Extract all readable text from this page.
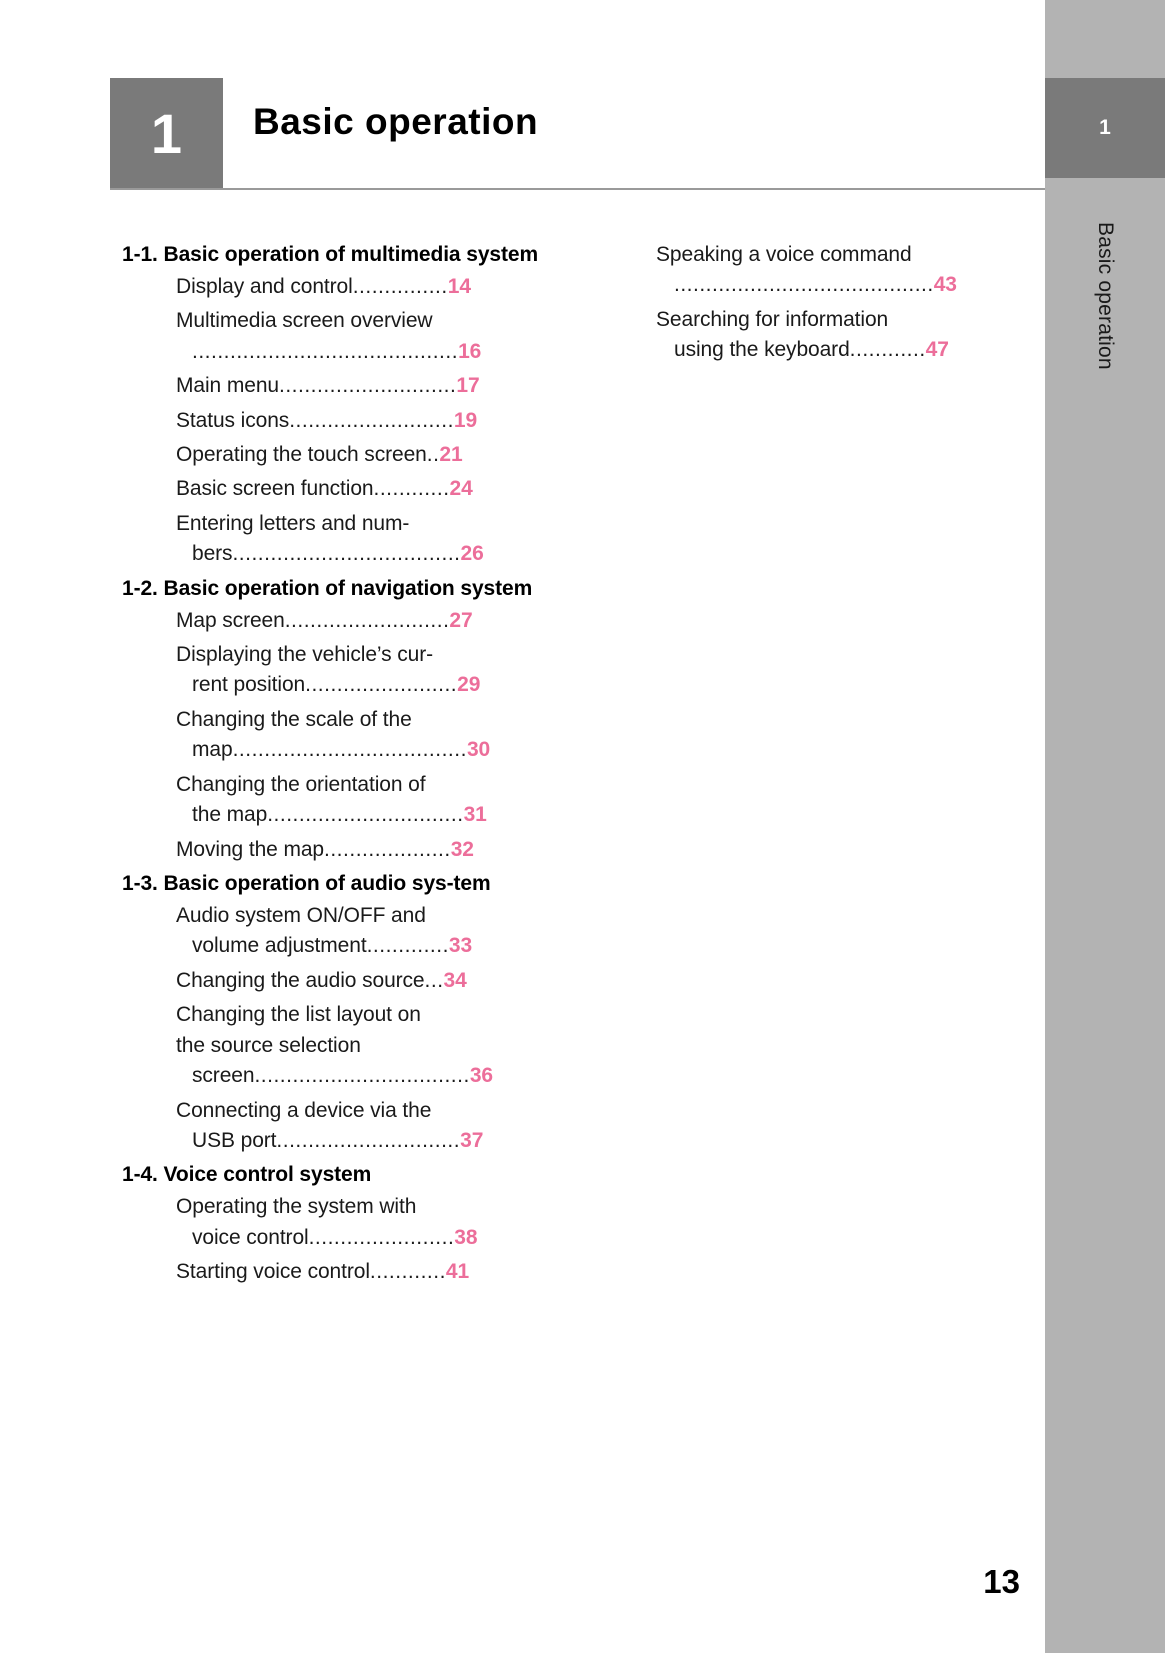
1
Basic operation
1	Basic operation
1-1. Basic operation of multimedia system
Display and control...............14
Multimedia screen overview
..........................................16
Main menu............................17
Status icons..........................19
Operating the touch screen..21
Basic screen function............24
Entering letters and num-
bers....................................26
1-2. Basic operation of navigation system
Map screen..........................27
Displaying the vehicle’s cur-
rent position........................29
Changing the scale of the
map.....................................30
Changing the orientation of
the map...............................31
Moving the map....................32
1-3. Basic operation of audio sys-tem
Audio system ON/OFF and
volume adjustment.............33
Changing the audio source...34
Changing the list layout on
the source selection
screen..................................36
Connecting a device via the
USB port.............................37
1-4. Voice control system
Operating the system with
voice control.......................38
Starting voice control............41
Speaking a voice command
.........................................43
Searching for information
using the keyboard............47
13
